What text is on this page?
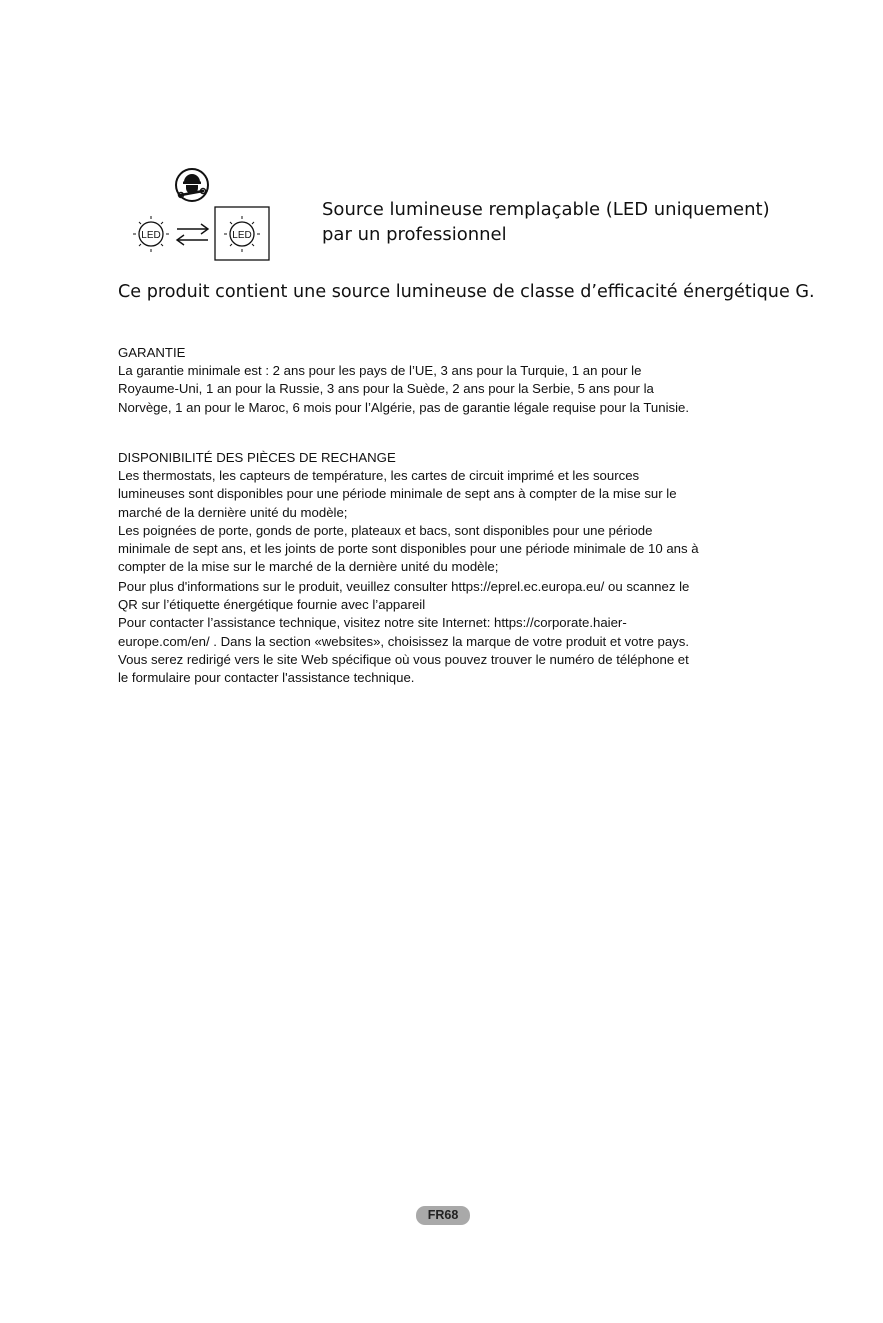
LED	LED
Source lumineuse remplaçable (LED uniquement)
par un professionnel
Ce produit contient une source lumineuse de classe d’efficacité énergétique G.
GARANTIE
La garantie minimale est : 2 ans pour les pays de l’UE, 3 ans pour la Turquie, 1 an pour le
Royaume-Uni, 1 an pour la Russie, 3 ans pour la Suède, 2 ans pour la Serbie, 5 ans pour la
Norvège, 1 an pour le Maroc, 6 mois pour l’Algérie, pas de garantie légale requise pour la Tunisie.
DISPONIBILITÉ DES PIÈCES DE RECHANGE
Les thermostats, les capteurs de température, les cartes de circuit imprimé et les sources
lumineuses sont disponibles pour une période minimale de sept ans à compter de la mise sur le
marché de la dernière unité du modèle;
Les poignées de porte, gonds de porte, plateaux et bacs, sont disponibles pour une période
minimale de sept ans, et les joints de porte sont disponibles pour une période minimale de 10 ans à
compter de la mise sur le marché de la dernière unité du modèle;
Pour plus d'informations sur le produit, veuillez consulter https://eprel.ec.europa.eu/ ou scannez le
QR sur l’étiquette énergétique fournie avec l’appareil
Pour contacter l’assistance technique, visitez notre site Internet: https://corporate.haier-
europe.com/en/ . Dans la section «websites», choisissez la marque de votre produit et votre pays.
Vous serez redirigé vers le site Web spécifique où vous pouvez trouver le numéro de téléphone et
le formulaire pour contacter l'assistance technique.
FR68
